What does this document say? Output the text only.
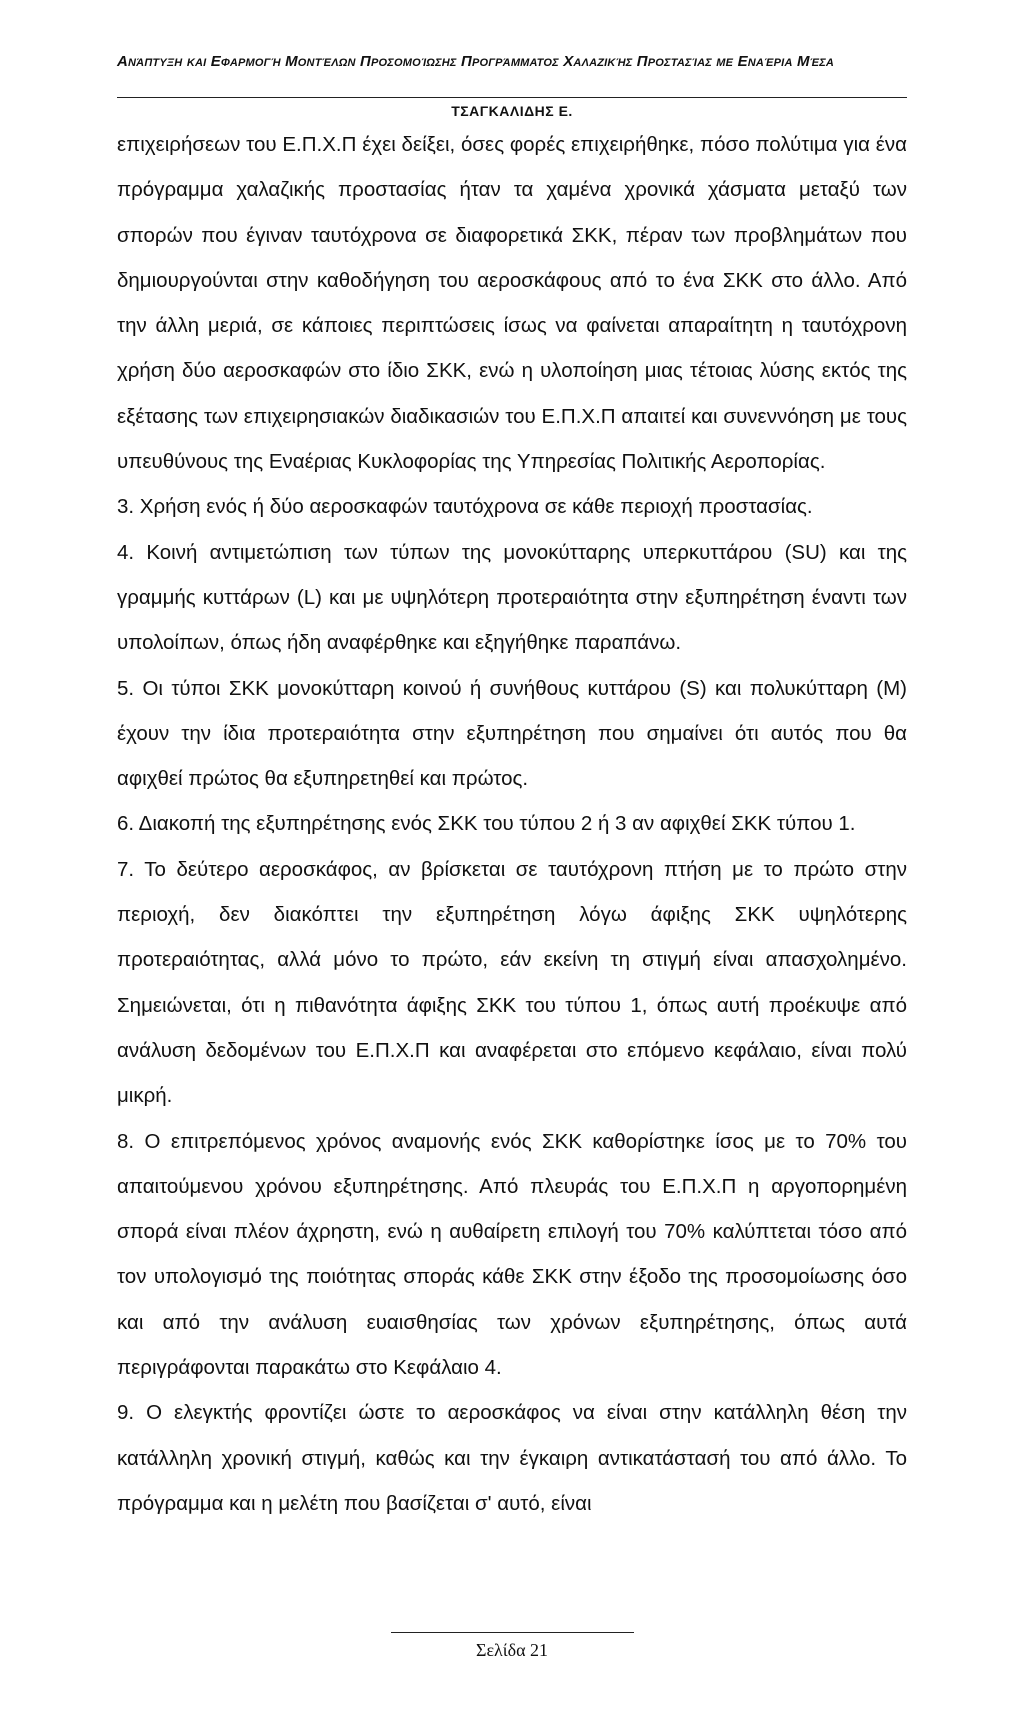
Ανάπτυξη και Εφαρμογή Μοντέλων Προσομοίωσης Προγράμματος Χαλαζικής Προστασίας με Εναέρια Μέσα

ΤΣΑΓΚΑΛΙΔΗΣ Ε.

επιχειρήσεων του Ε.Π.Χ.Π έχει δείξει, όσες φορές επιχειρήθηκε, πόσο πολύτιμα για ένα πρόγραμμα χαλαζικής προστασίας ήταν τα χαμένα χρονικά χάσματα μεταξύ των σπορών που έγιναν ταυτόχρονα σε διαφορετικά ΣΚΚ, πέραν των προβλημάτων που δημιουργούνται στην καθοδήγηση του αεροσκάφους από το ένα ΣΚΚ στο άλλο. Από την άλλη μεριά, σε κάποιες περιπτώσεις ίσως να φαίνεται απαραίτητη η ταυτόχρονη χρήση δύο αεροσκαφών στο ίδιο ΣΚΚ, ενώ η υλοποίηση μιας τέτοιας λύσης εκτός της εξέτασης των επιχειρησιακών διαδικασιών του Ε.Π.Χ.Π απαιτεί και συνεννόηση με τους υπευθύνους της Εναέριας Κυκλοφορίας της Υπηρεσίας Πολιτικής Αεροπορίας.

3. Χρήση ενός ή δύο αεροσκαφών ταυτόχρονα σε κάθε περιοχή προστασίας.

4. Κοινή αντιμετώπιση των τύπων της μονοκύτταρης υπερκυττάρου (SU) και της γραμμής κυττάρων (L) και με υψηλότερη προτεραιότητα στην εξυπηρέτηση έναντι των υπολοίπων, όπως ήδη αναφέρθηκε και εξηγήθηκε παραπάνω.

5. Οι τύποι ΣΚΚ μονοκύτταρη κοινού ή συνήθους κυττάρου (S) και πολυκύτταρη (M) έχουν την ίδια προτεραιότητα στην εξυπηρέτηση που σημαίνει ότι αυτός που θα αφιχθεί πρώτος θα εξυπηρετηθεί και πρώτος.

6. Διακοπή της εξυπηρέτησης ενός ΣΚΚ του τύπου 2 ή 3 αν αφιχθεί ΣΚΚ τύπου 1.

7. Το δεύτερο αεροσκάφος, αν βρίσκεται σε ταυτόχρονη πτήση με το πρώτο στην περιοχή, δεν διακόπτει την εξυπηρέτηση λόγω άφιξης ΣΚΚ υψηλότερης προτεραιότητας, αλλά μόνο το πρώτο, εάν εκείνη τη στιγμή είναι απασχολημένο. Σημειώνεται, ότι η πιθανότητα άφιξης ΣΚΚ του τύπου 1, όπως αυτή προέκυψε από ανάλυση δεδομένων του Ε.Π.Χ.Π και αναφέρεται στο επόμενο κεφάλαιο, είναι πολύ μικρή.

8. Ο επιτρεπόμενος χρόνος αναμονής ενός ΣΚΚ καθορίστηκε ίσος με το 70% του απαιτούμενου χρόνου εξυπηρέτησης. Από πλευράς του Ε.Π.Χ.Π η αργοπορημένη σπορά είναι πλέον άχρηστη, ενώ η αυθαίρετη επιλογή του 70% καλύπτεται τόσο από τον υπολογισμό της ποιότητας σποράς κάθε ΣΚΚ στην έξοδο της προσομοίωσης όσο και από την ανάλυση ευαισθησίας των χρόνων εξυπηρέτησης, όπως αυτά περιγράφονται παρακάτω στο Κεφάλαιο 4.

9. Ο ελεγκτής φροντίζει ώστε το αεροσκάφος να είναι στην κατάλληλη θέση την κατάλληλη χρονική στιγμή, καθώς και την έγκαιρη αντικατάστασή του από άλλο. Το πρόγραμμα και η μελέτη που βασίζεται σ' αυτό, είναι

Σελίδα 21
